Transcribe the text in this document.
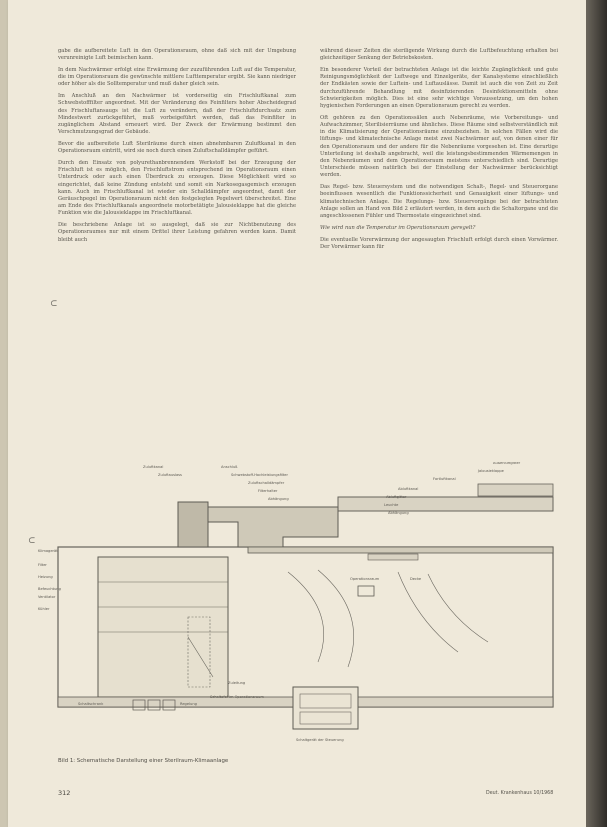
gabe die aufbereitete Luft in den Operationsraum, ohne daß sich mit der Umgebung verunreinigte Luft beimischen kann.

In dem Nachwärmer erfolgt eine Erwärmung der zuzuführenden Luft auf die Temperatur, die im Operationsraum die gewünschte mittlere Lufttemperatur ergibt. Sie kann niedriger oder höher als die Solltemperatur und muß daher gleich sein.

Im Anschluß an den Nachwärmer ist vorderseitig ein Frischluftkanal zum Schwebstofffilter angeordnet. Mit der Veränderung des Feinfilters hoher Abscheidegrad des Frischluftansaugs ist die Luft zu verändern, daß der Frischluftdurchsatz zum Mindestwert zurückgeführt, muß vorbeigeführt werden, daß das Feinfilter in zugänglichem Abstand erneuert wird. Der Zweck der Erwärmung bestimmt den Verschmutzungsgrad der Gebäude.

Bevor die aufbereitete Luft Sterilräume durch einen abnehmbaren Zuluftkanal in den Operationsraum eintritt, wird sie noch durch einen Zuluftschalldämpfer geführt.

Durch den Einsatz von polyurethanbrennendem Werkstoff bei der Erzeugung der Frischluft ist es möglich, den Frischluftstrom entsprechend im Operationsraum einen Unterdruck oder auch einen Überdruck zu erzeugen. Diese Möglichkeit wird so eingerichtet, daß keine Zündung entsteht und somit ein Narkosegasgemisch erzeugen kann. Auch im Frischluftkanal ist wieder ein Schalldämpfer angeordnet, damit der Geräuschpegel im Operationsraum nicht den festgelegten Pegelwert überschreitet. Eine am Ende des Frischluftkanals angeordnete motorbetätigte Jalousieklappe hat die gleiche Funktion wie die Jalousieklappe im Frischluftkanal.

Die beschriebene Anlage ist so ausgelegt, daß sie zur Nichtbenutzung des Operationsraumes nur mit einem Drittel ihrer Leistung gefahren werden kann. Damit bleibt auch

während dieser Zeiten die steriligende Wirkung durch die Luftbefeuchtung erhalten bei gleichzeitiger Senkung der Betriebskosten.

Ein besonderer Vorteil der betrachteten Anlage ist die leichte Zugänglichkeit und gute Reinigungsmöglichkeit der Luftwege und Einzelgeräte, der Kanalsysteme einschließlich der Endkästen sowie der Luftein- und Luftauslässe. Damit ist auch die von Zeit zu Zeit durchzuführende Behandlung mit desinfizierenden Desinfektionsmitteln ohne Schwierigkeiten möglich. Dies ist eine sehr wichtige Voraussetzung, um den hohen hygienischen Forderungen an einen Operationsraum gerecht zu werden.

Oft gehören zu den Operationssälen auch Nebenräume, wie Vorbereitungs- und Aufwachzimmer, Sterilisierräume und ähnliches. Diese Räume sind selbstverständlich mit in die Klimatisierung der Operationsräume einzubeziehen. In solchen Fällen wird die lüftungs- und klimatechnische Anlage meist zwei Nachwärmer auf, von denen einer für den Operationsraum und der andere für die Nebenräume vorgesehen ist. Eine derartige Unterteilung ist deshalb angebracht, weil die leistungsbestimmenden Wärmemengen in den Nebenräumen und dem Operationsraum meistens unterschiedlich sind. Derartige Unterschiede müssen natürlich bei der Einstellung der Nachwärmer berücksichtigt werden.

Das Regel- bzw. Steuersystem und die notwendigen Schalt-, Regel- und Steuerorgane beeinflussen wesentlich die Funktionssicherheit und Genauigkeit einer lüftungs- und klimatechnischen Anlage. Die Regelungs- bzw. Steuervorgänge bei der betrachteten Anlage sollen an Hand von Bild 2 erläutert werden, in dem auch die Schaltorgane und die angeschlossenen Fühler und Thermostate eingezeichnet sind.

Wie wird nun die Temperatur im Operationsraum geregelt?

Die eventuelle Vorerwärmung der angesaugten Frischluft erfolgt durch einen Vorwärmer. Der Vorwärmer kann für

⊂
⊂
Zuluftkanal
Zuluftauslass
Anschluß
Schwebstoff-Hochleistungsfilter
Zuluftschalldämpfer
Filterhalter
Abhängung
Außenluftgitter
Jalousieklappe
Fortluftkanal
Abluftkanal
Abluftgitter
Leuchte
Abhängung
Operationsraum	Decke
Klimagerät
Filter
Heizung
Befeuchtung
Ventilator
Kühler
Zuleitung
Schaltschrank	Regelung
Schaltafel im Operationsraum
Schaltgerät der Steuerung
Bild 1: Schematische Darstellung einer Sterilraum-Klimaanlage
312	Deut. Krankenhaus 10/1968
